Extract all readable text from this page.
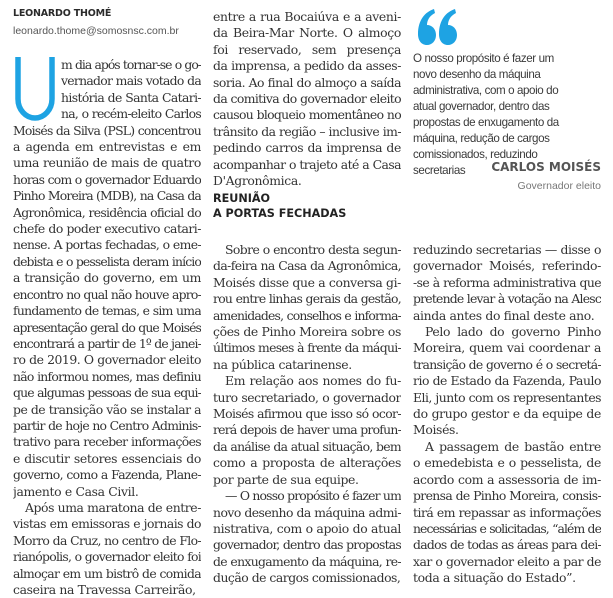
LEONARDO THOMÉ
leonardo.thome@somosnsc.com.br
m dia após tornar-se o go-
vernador mais votado da
história de Santa Catari-
na, o recém-eleito Carlos
Moisés da Silva (PSL) concentrou
a agenda em entrevistas e em
uma reunião de mais de quatro
horas com o governador Eduardo
Pinho Moreira (MDB), na Casa da
Agronômica, residência oficial do
chefe do poder executivo catari-
nense. A portas fechadas, o eme-
debista e o pesselista deram início
a transição do governo, em um
encontro no qual não houve apro-
fundamento de temas, e sim uma
apresentação geral do que Moisés
encontrará a partir de 1º de janei-
ro de 2019. O governador eleito
não informou nomes, mas definiu
que algumas pessoas de sua equi-
pe de transição vão se instalar a
partir de hoje no Centro Adminis-
trativo para receber informações
e discutir setores essenciais do
governo, como a Fazenda, Plane-
jamento e Casa Civil.
Após uma maratona de entre-
vistas em emissoras e jornais do
Morro da Cruz, no centro de Flo-
rianópolis, o governador eleito foi
almoçar em um bistrô de comida
caseira na Travessa Carreirão,
entre a rua Bocaiúva e a aveni-
da Beira-Mar Norte. O almoço
foi reservado, sem presença
da imprensa, a pedido da asses-
soria. Ao final do almoço a saída
da comitiva do governador eleito
causou bloqueio momentâneo no
trânsito da região – inclusive im-
pedindo carros da imprensa de
acompanhar o trajeto até a Casa
D'Agronômica.
REUNIÃO
A PORTAS FECHADAS
Sobre o encontro desta segun-
da-feira na Casa da Agronômica,
Moisés disse que a conversa gi-
rou entre linhas gerais da gestão,
amenidades, conselhos e informa-
ções de Pinho Moreira sobre os
últimos meses à frente da máqui-
na pública catarinense.
Em relação aos nomes do fu-
turo secretariado, o governador
Moisés afirmou que isso só ocor-
rerá depois de haver uma profun-
da análise da atual situação, bem
como a proposta de alterações
por parte de sua equipe.
— O nosso propósito é fazer um
novo desenho da máquina admi-
nistrativa, com o apoio do atual
governador, dentro das propostas
de enxugamento da máquina, re-
dução de cargos comissionados,
O nosso propósito é fazer um
novo desenho da máquina
administrativa, com o apoio do
atual governador, dentro das
propostas de enxugamento da
máquina, redução de cargos
comissionados, reduzindo
secretarias	CARLOS MOISÉS
Governador eleito
reduzindo secretarias — disse o
governador Moisés, referindo-
-se à reforma administrativa que
pretende levar à votação na Alesc
ainda antes do final deste ano.
Pelo lado do governo Pinho
Moreira, quem vai coordenar a
transição de governo é o secretá-
rio de Estado da Fazenda, Paulo
Eli, junto com os representantes
do grupo gestor e da equipe de
Moisés.
A passagem de bastão entre
o emedebista e o pesselista, de
acordo com a assessoria de im-
prensa de Pinho Moreira, consis-
tirá em repassar as informações
necessárias e solicitadas, “além de
dados de todas as áreas para dei-
xar o governador eleito a par de
toda a situação do Estado”.
